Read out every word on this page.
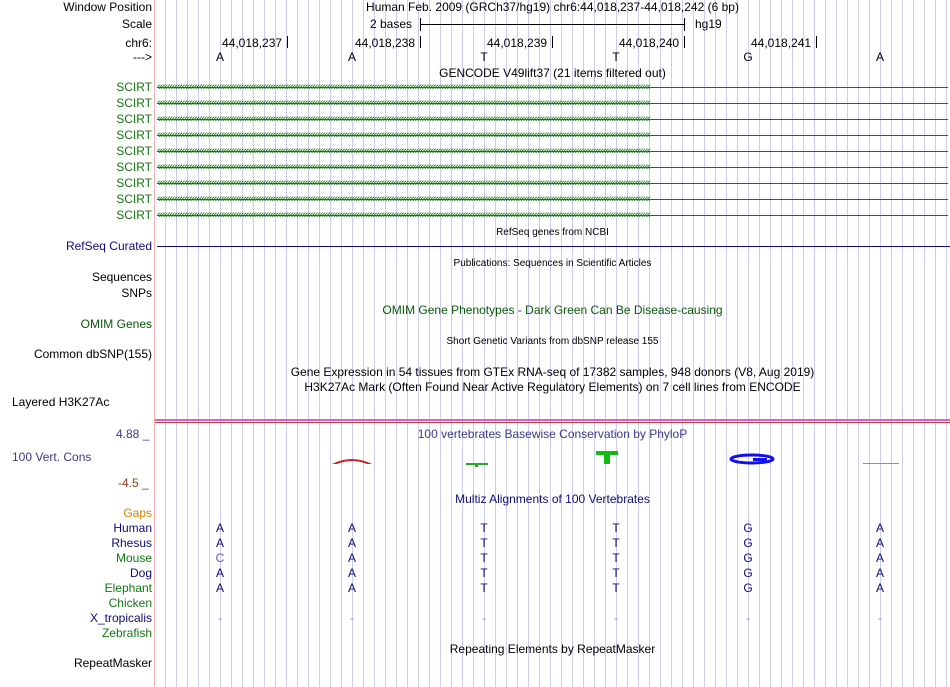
Window Position	Human Feb. 2009 (GRCh37/hg19) chr6:44,018,237-44,018,242 (6 bp)
Scale	2 bases	hg19
chr6:	44,018,237	44,018,238	44,018,239	44,018,240	44,018,241
--->	A	A	T	T	G	A
GENCODE V49lift37 (21 items filtered out)
SCIRT ‹‹‹‹‹‹‹‹‹‹‹‹‹‹‹‹‹‹‹‹‹‹‹‹‹‹‹‹‹‹‹‹‹‹‹‹‹‹‹‹‹‹‹‹‹‹‹‹‹‹‹‹‹‹‹‹‹‹‹‹‹‹‹‹‹‹‹‹‹‹‹‹‹‹‹‹‹‹‹‹‹‹‹‹‹‹‹‹‹‹‹‹‹‹‹‹‹‹‹‹‹‹‹‹‹‹‹‹‹‹‹‹‹‹‹‹‹‹‹‹‹‹‹‹‹‹‹‹‹‹‹‹‹‹‹‹‹‹‹‹‹‹‹‹‹‹‹‹‹‹‹‹‹‹‹‹‹‹‹‹‹‹‹‹‹‹‹‹‹‹‹‹‹‹‹‹‹‹‹‹‹‹‹‹‹‹‹‹‹‹‹‹‹‹‹‹‹‹‹‹
SCIRT ‹‹‹‹‹‹‹‹‹‹‹‹‹‹‹‹‹‹‹‹‹‹‹‹‹‹‹‹‹‹‹‹‹‹‹‹‹‹‹‹‹‹‹‹‹‹‹‹‹‹‹‹‹‹‹‹‹‹‹‹‹‹‹‹‹‹‹‹‹‹‹‹‹‹‹‹‹‹‹‹‹‹‹‹‹‹‹‹‹‹‹‹‹‹‹‹‹‹‹‹‹‹‹‹‹‹‹‹‹‹‹‹‹‹‹‹‹‹‹‹‹‹‹‹‹‹‹‹‹‹‹‹‹‹‹‹‹‹‹‹‹‹‹‹‹‹‹‹‹‹‹‹‹‹‹‹‹‹‹‹‹‹‹‹‹‹‹‹‹‹‹‹‹‹‹‹‹‹‹‹‹‹‹‹‹‹‹‹‹‹‹‹‹‹‹‹‹‹‹‹
SCIRT ‹‹‹‹‹‹‹‹‹‹‹‹‹‹‹‹‹‹‹‹‹‹‹‹‹‹‹‹‹‹‹‹‹‹‹‹‹‹‹‹‹‹‹‹‹‹‹‹‹‹‹‹‹‹‹‹‹‹‹‹‹‹‹‹‹‹‹‹‹‹‹‹‹‹‹‹‹‹‹‹‹‹‹‹‹‹‹‹‹‹‹‹‹‹‹‹‹‹‹‹‹‹‹‹‹‹‹‹‹‹‹‹‹‹‹‹‹‹‹‹‹‹‹‹‹‹‹‹‹‹‹‹‹‹‹‹‹‹‹‹‹‹‹‹‹‹‹‹‹‹‹‹‹‹‹‹‹‹‹‹‹‹‹‹‹‹‹‹‹‹‹‹‹‹‹‹‹‹‹‹‹‹‹‹‹‹‹‹‹‹‹‹‹‹‹‹‹‹‹‹
SCIRT ‹‹‹‹‹‹‹‹‹‹‹‹‹‹‹‹‹‹‹‹‹‹‹‹‹‹‹‹‹‹‹‹‹‹‹‹‹‹‹‹‹‹‹‹‹‹‹‹‹‹‹‹‹‹‹‹‹‹‹‹‹‹‹‹‹‹‹‹‹‹‹‹‹‹‹‹‹‹‹‹‹‹‹‹‹‹‹‹‹‹‹‹‹‹‹‹‹‹‹‹‹‹‹‹‹‹‹‹‹‹‹‹‹‹‹‹‹‹‹‹‹‹‹‹‹‹‹‹‹‹‹‹‹‹‹‹‹‹‹‹‹‹‹‹‹‹‹‹‹‹‹‹‹‹‹‹‹‹‹‹‹‹‹‹‹‹‹‹‹‹‹‹‹‹‹‹‹‹‹‹‹‹‹‹‹‹‹‹‹‹‹‹‹‹‹‹‹‹‹‹
SCIRT ‹‹‹‹‹‹‹‹‹‹‹‹‹‹‹‹‹‹‹‹‹‹‹‹‹‹‹‹‹‹‹‹‹‹‹‹‹‹‹‹‹‹‹‹‹‹‹‹‹‹‹‹‹‹‹‹‹‹‹‹‹‹‹‹‹‹‹‹‹‹‹‹‹‹‹‹‹‹‹‹‹‹‹‹‹‹‹‹‹‹‹‹‹‹‹‹‹‹‹‹‹‹‹‹‹‹‹‹‹‹‹‹‹‹‹‹‹‹‹‹‹‹‹‹‹‹‹‹‹‹‹‹‹‹‹‹‹‹‹‹‹‹‹‹‹‹‹‹‹‹‹‹‹‹‹‹‹‹‹‹‹‹‹‹‹‹‹‹‹‹‹‹‹‹‹‹‹‹‹‹‹‹‹‹‹‹‹‹‹‹‹‹‹‹‹‹‹‹‹‹
SCIRT ‹‹‹‹‹‹‹‹‹‹‹‹‹‹‹‹‹‹‹‹‹‹‹‹‹‹‹‹‹‹‹‹‹‹‹‹‹‹‹‹‹‹‹‹‹‹‹‹‹‹‹‹‹‹‹‹‹‹‹‹‹‹‹‹‹‹‹‹‹‹‹‹‹‹‹‹‹‹‹‹‹‹‹‹‹‹‹‹‹‹‹‹‹‹‹‹‹‹‹‹‹‹‹‹‹‹‹‹‹‹‹‹‹‹‹‹‹‹‹‹‹‹‹‹‹‹‹‹‹‹‹‹‹‹‹‹‹‹‹‹‹‹‹‹‹‹‹‹‹‹‹‹‹‹‹‹‹‹‹‹‹‹‹‹‹‹‹‹‹‹‹‹‹‹‹‹‹‹‹‹‹‹‹‹‹‹‹‹‹‹‹‹‹‹‹‹‹‹‹‹
SCIRT ‹‹‹‹‹‹‹‹‹‹‹‹‹‹‹‹‹‹‹‹‹‹‹‹‹‹‹‹‹‹‹‹‹‹‹‹‹‹‹‹‹‹‹‹‹‹‹‹‹‹‹‹‹‹‹‹‹‹‹‹‹‹‹‹‹‹‹‹‹‹‹‹‹‹‹‹‹‹‹‹‹‹‹‹‹‹‹‹‹‹‹‹‹‹‹‹‹‹‹‹‹‹‹‹‹‹‹‹‹‹‹‹‹‹‹‹‹‹‹‹‹‹‹‹‹‹‹‹‹‹‹‹‹‹‹‹‹‹‹‹‹‹‹‹‹‹‹‹‹‹‹‹‹‹‹‹‹‹‹‹‹‹‹‹‹‹‹‹‹‹‹‹‹‹‹‹‹‹‹‹‹‹‹‹‹‹‹‹‹‹‹‹‹‹‹‹‹‹‹‹
SCIRT ‹‹‹‹‹‹‹‹‹‹‹‹‹‹‹‹‹‹‹‹‹‹‹‹‹‹‹‹‹‹‹‹‹‹‹‹‹‹‹‹‹‹‹‹‹‹‹‹‹‹‹‹‹‹‹‹‹‹‹‹‹‹‹‹‹‹‹‹‹‹‹‹‹‹‹‹‹‹‹‹‹‹‹‹‹‹‹‹‹‹‹‹‹‹‹‹‹‹‹‹‹‹‹‹‹‹‹‹‹‹‹‹‹‹‹‹‹‹‹‹‹‹‹‹‹‹‹‹‹‹‹‹‹‹‹‹‹‹‹‹‹‹‹‹‹‹‹‹‹‹‹‹‹‹‹‹‹‹‹‹‹‹‹‹‹‹‹‹‹‹‹‹‹‹‹‹‹‹‹‹‹‹‹‹‹‹‹‹‹‹‹‹‹‹‹‹‹‹‹‹
SCIRT ‹‹‹‹‹‹‹‹‹‹‹‹‹‹‹‹‹‹‹‹‹‹‹‹‹‹‹‹‹‹‹‹‹‹‹‹‹‹‹‹‹‹‹‹‹‹‹‹‹‹‹‹‹‹‹‹‹‹‹‹‹‹‹‹‹‹‹‹‹‹‹‹‹‹‹‹‹‹‹‹‹‹‹‹‹‹‹‹‹‹‹‹‹‹‹‹‹‹‹‹‹‹‹‹‹‹‹‹‹‹‹‹‹‹‹‹‹‹‹‹‹‹‹‹‹‹‹‹‹‹‹‹‹‹‹‹‹‹‹‹‹‹‹‹‹‹‹‹‹‹‹‹‹‹‹‹‹‹‹‹‹‹‹‹‹‹‹‹‹‹‹‹‹‹‹‹‹‹‹‹‹‹‹‹‹‹‹‹‹‹‹‹‹‹‹‹‹‹‹‹
RefSeq genes from NCBI
RefSeq Curated
Publications: Sequences in Scientific Articles
Sequences
SNPs
OMIM Gene Phenotypes - Dark Green Can Be Disease-causing
OMIM Genes
Short Genetic Variants from dbSNP release 155
Common dbSNP(155)
Gene Expression in 54 tissues from GTEx RNA-seq of 17382 samples, 948 donors (V8, Aug 2019)
H3K27Ac Mark (Often Found Near Active Regulatory Elements) on 7 cell lines from ENCODE
Layered H3K27Ac
4.88 _	100 vertebrates Basewise Conservation by PhyloP
100 Vert. Cons
-4.5 _
Multiz Alignments of 100 Vertebrates
Gaps
Human	A	A	T	T	G	A
Rhesus	A	A	T	T	G	A
Mouse	C	A	T	T	G	A
Dog	A	A	T	T	G	A
Elephant	A	A	T	T	G	A
Chicken
X_tropicalis	-	-	-	-	-	-
Zebrafish
Repeating Elements by RepeatMasker
RepeatMasker
